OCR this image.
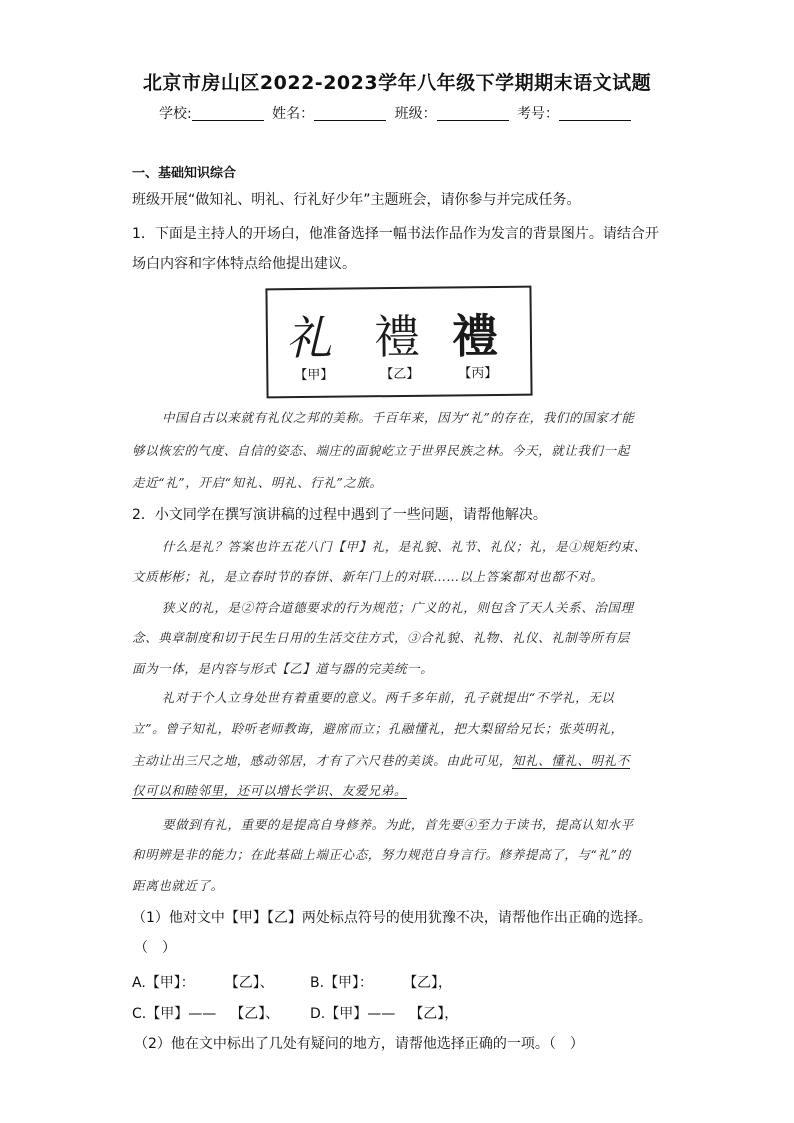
北京市房山区2022-2023学年八年级下学期期末语文试题
学校:	姓名：	班级：	考号：
一、基础知识综合
班级开展“做知礼、明礼、行礼好少年”主题班会，请你参与并完成任务。
1．下面是主持人的开场白，他准备选择一幅书法作品作为发言的背景图片。请结合开
场白内容和字体特点给他提出建议。
礼 禮 禮
【甲】	【乙】	【丙】
中国自古以来就有礼仪之邦的美称。千百年来，因为“礼”的存在，我们的国家才能
够以恢宏的气度、自信的姿态、端庄的面貌屹立于世界民族之林。今天，就让我们一起
走近“礼”，开启“知礼、明礼、行礼”之旅。
2．小文同学在撰写演讲稿的过程中遇到了一些问题，请帮他解决。
什么是礼？答案也许五花八门【甲】礼，是礼貌、礼节、礼仪；礼，是①规矩约束、
文质彬彬；礼，是立春时节的春饼、新年门上的对联……以上答案都对也都不对。
狭义的礼，是②符合道德要求的行为规范；广义的礼，则包含了天人关系、治国理
念、典章制度和切于民生日用的生活交往方式，③合礼貌、礼物、礼仪、礼制等所有层
面为一体，是内容与形式【乙】道与器的完美统一。
礼对于个人立身处世有着重要的意义。两千多年前，孔子就提出“不学礼，无以
立”。曾子知礼，聆听老师教诲，避席而立；孔融懂礼，把大梨留给兄长；张英明礼，
主动让出三尺之地，感动邻居，才有了六尺巷的美谈。由此可见，知礼、懂礼、明礼不
仅可以和睦邻里，还可以增长学识、友爱兄弟。
要做到有礼，重要的是提高自身修养。为此，首先要④至力于读书，提高认知水平
和明辨是非的能力；在此基础上端正心态，努力规范自身言行。修养提高了，与“礼”的
距离也就近了。
（1）他对文中【甲】【乙】两处标点符号的使用犹豫不决，请帮他作出正确的选择。
（　）
A.【甲】： 【乙】、	B.【甲】： 【乙】，
C.【甲】—— 【乙】、 D.【甲】—— 【乙】，
（2）他在文中标出了几处有疑问的地方，请帮他选择正确的一项。（　）
